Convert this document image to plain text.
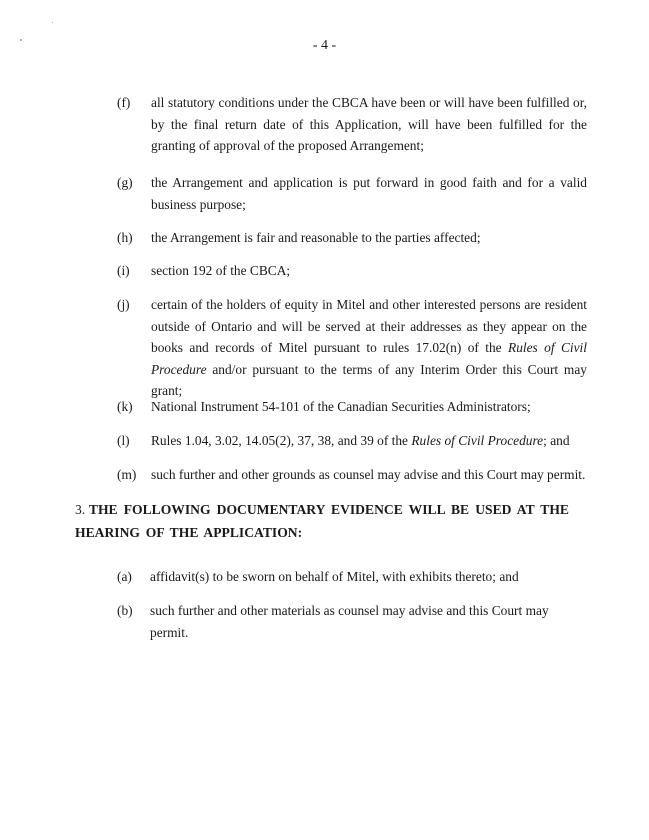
- 4 -
(f) all statutory conditions under the CBCA have been or will have been fulfilled or, by the final return date of this Application, will have been fulfilled for the granting of approval of the proposed Arrangement;
(g) the Arrangement and application is put forward in good faith and for a valid business purpose;
(h) the Arrangement is fair and reasonable to the parties affected;
(i) section 192 of the CBCA;
(j) certain of the holders of equity in Mitel and other interested persons are resident outside of Ontario and will be served at their addresses as they appear on the books and records of Mitel pursuant to rules 17.02(n) of the Rules of Civil Procedure and/or pursuant to the terms of any Interim Order this Court may grant;
(k) National Instrument 54-101 of the Canadian Securities Administrators;
(l) Rules 1.04, 3.02, 14.05(2), 37, 38, and 39 of the Rules of Civil Procedure; and
(m) such further and other grounds as counsel may advise and this Court may permit.
3. THE FOLLOWING DOCUMENTARY EVIDENCE WILL BE USED AT THE HEARING OF THE APPLICATION:
(a) affidavit(s) to be sworn on behalf of Mitel, with exhibits thereto; and
(b) such further and other materials as counsel may advise and this Court may permit.
